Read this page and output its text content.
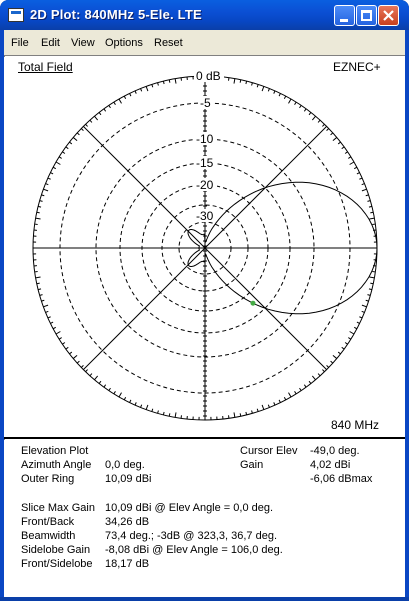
2D Plot: 840MHz 5-Ele. LTE
File Edit View Options Reset
Total Field	EZNEC+
0 dB
-5
-10
-15
-20
-30
840 MHz
Elevation Plot
Azimuth Angle 0,0 deg.
Outer Ring	10,09 dBi
Cursor Elev -49,0 deg.
Gain	4,02 dBi
-6,06 dBmax
Slice Max Gain 10,09 dBi @ Elev Angle = 0,0 deg.
Front/Back	34,26 dB
Beamwidth	73,4 deg.; -3dB @ 323,3, 36,7 deg.
Sidelobe Gain -8,08 dBi @ Elev Angle = 106,0 deg.
Front/Sidelobe 18,17 dB
